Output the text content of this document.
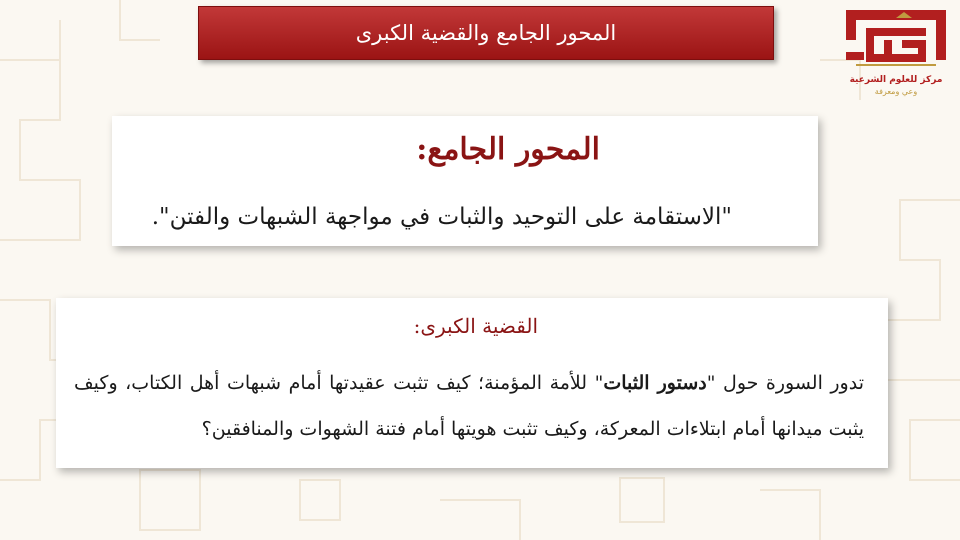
المحور الجامع والقضية الكبرى
مركز للعلوم الشرعية
وعي ومعرفة
المحور الجامع:
"الاستقامة على التوحيد والثبات في مواجهة الشبهات والفتن".
القضية الكبرى:
تدور السورة حول "دستور الثبات" للأمة المؤمنة؛ كيف تثبت عقيدتها أمام شبهات أهل الكتاب، وكيف يثبت ميدانها أمام ابتلاءات المعركة، وكيف تثبت هويتها أمام فتنة الشهوات والمنافقين؟
